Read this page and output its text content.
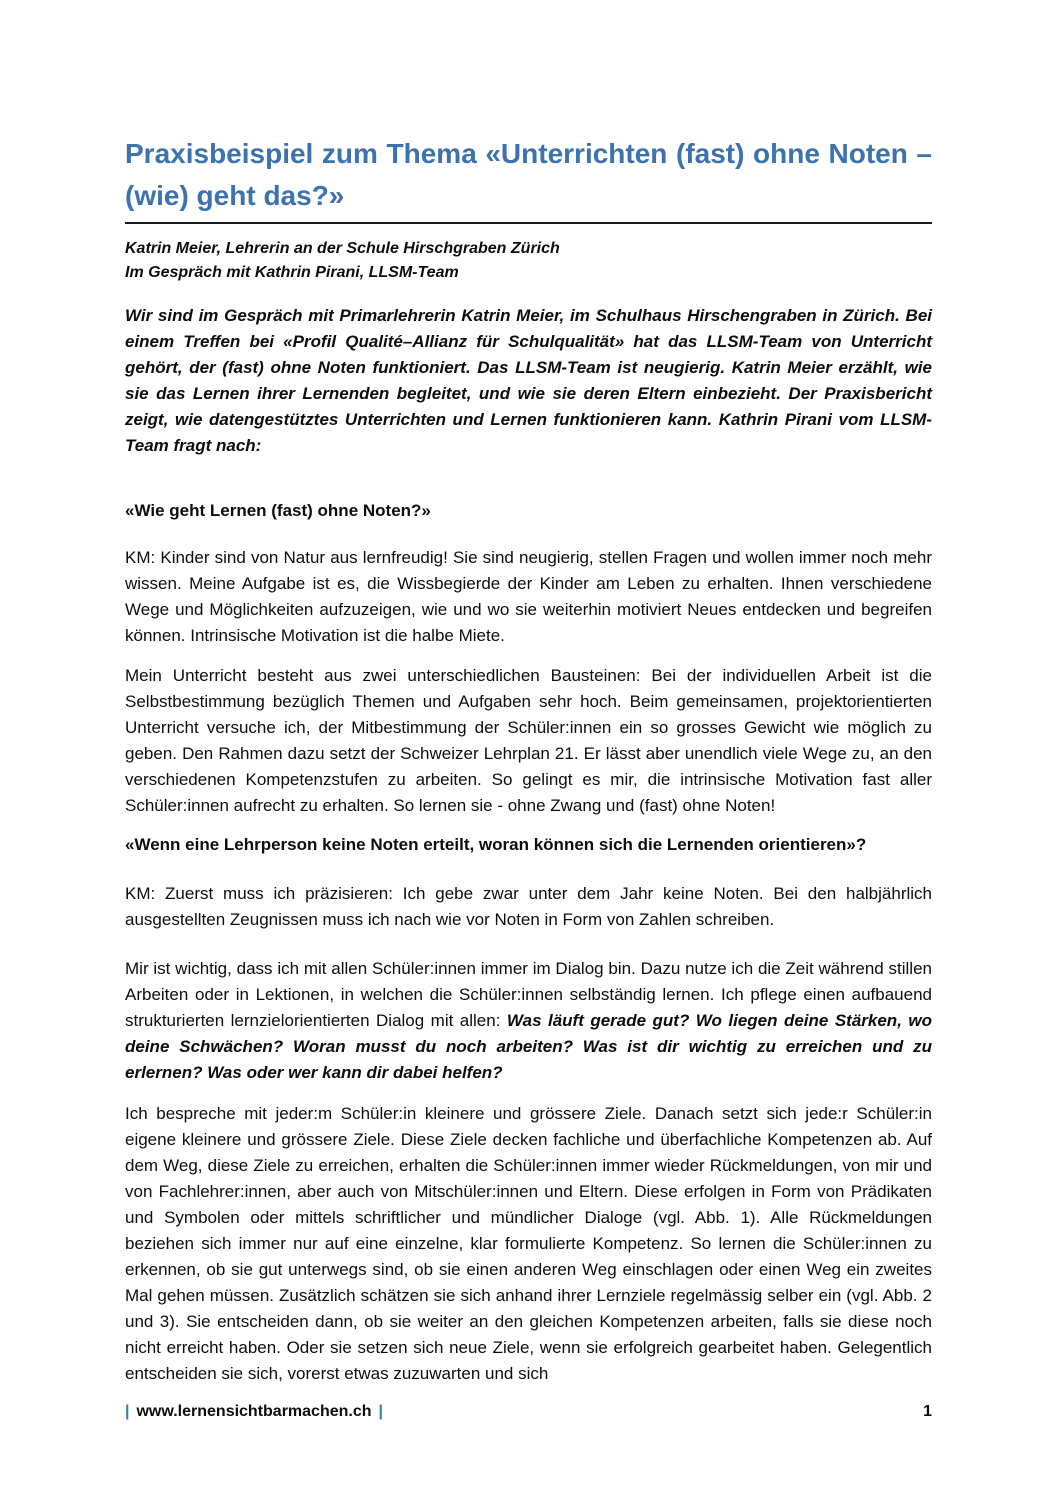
Praxisbeispiel zum Thema «Unterrichten (fast) ohne Noten – (wie) geht das?»
Katrin Meier, Lehrerin an der Schule Hirschgraben Zürich
Im Gespräch mit Kathrin Pirani, LLSM-Team

Wir sind im Gespräch mit Primarlehrerin Katrin Meier, im Schulhaus Hirschengraben in Zürich. Bei einem Treffen bei «Profil Qualité–Allianz für Schulqualität» hat das LLSM-Team von Unterricht gehört, der (fast) ohne Noten funktioniert. Das LLSM-Team ist neugierig. Katrin Meier erzählt, wie sie das Lernen ihrer Lernenden begleitet, und wie sie deren Eltern einbezieht. Der Praxisbericht zeigt, wie datengestütztes Unterrichten und Lernen funktionieren kann. Kathrin Pirani vom LLSM-Team fragt nach:

«Wie geht Lernen (fast) ohne Noten?»

KM: Kinder sind von Natur aus lernfreudig! Sie sind neugierig, stellen Fragen und wollen immer noch mehr wissen. Meine Aufgabe ist es, die Wissbegierde der Kinder am Leben zu erhalten. Ihnen verschiedene Wege und Möglichkeiten aufzuzeigen, wie und wo sie weiterhin motiviert Neues entdecken und begreifen können. Intrinsische Motivation ist die halbe Miete.

Mein Unterricht besteht aus zwei unterschiedlichen Bausteinen: Bei der individuellen Arbeit ist die Selbstbestimmung bezüglich Themen und Aufgaben sehr hoch. Beim gemeinsamen, projektorientierten Unterricht versuche ich, der Mitbestimmung der Schüler:innen ein so grosses Gewicht wie möglich zu geben. Den Rahmen dazu setzt der Schweizer Lehrplan 21. Er lässt aber unendlich viele Wege zu, an den verschiedenen Kompetenzstufen zu arbeiten. So gelingt es mir, die intrinsische Motivation fast aller Schüler:innen aufrecht zu erhalten. So lernen sie - ohne Zwang und (fast) ohne Noten!

«Wenn eine Lehrperson keine Noten erteilt, woran können sich die Lernenden orientieren»?

KM: Zuerst muss ich präzisieren: Ich gebe zwar unter dem Jahr keine Noten. Bei den halbjährlich ausgestellten Zeugnissen muss ich nach wie vor Noten in Form von Zahlen schreiben.

Mir ist wichtig, dass ich mit allen Schüler:innen immer im Dialog bin. Dazu nutze ich die Zeit während stillen Arbeiten oder in Lektionen, in welchen die Schüler:innen selbständig lernen. Ich pflege einen aufbauend strukturierten lernzielorientierten Dialog mit allen: Was läuft gerade gut? Wo liegen deine Stärken, wo deine Schwächen? Woran musst du noch arbeiten? Was ist dir wichtig zu erreichen und zu erlernen? Was oder wer kann dir dabei helfen?

Ich bespreche mit jeder:m Schüler:in kleinere und grössere Ziele. Danach setzt sich jede:r Schüler:in eigene kleinere und grössere Ziele. Diese Ziele decken fachliche und überfachliche Kompetenzen ab. Auf dem Weg, diese Ziele zu erreichen, erhalten die Schüler:innen immer wieder Rückmeldungen, von mir und von Fachlehrer:innen, aber auch von Mitschüler:innen und Eltern. Diese erfolgen in Form von Prädikaten und Symbolen oder mittels schriftlicher und mündlicher Dialoge (vgl. Abb. 1). Alle Rückmeldungen beziehen sich immer nur auf eine einzelne, klar formulierte Kompetenz. So lernen die Schüler:innen zu erkennen, ob sie gut unterwegs sind, ob sie einen anderen Weg einschlagen oder einen Weg ein zweites Mal gehen müssen. Zusätzlich schätzen sie sich anhand ihrer Lernziele regelmässig selber ein (vgl. Abb. 2 und 3). Sie entscheiden dann, ob sie weiter an den gleichen Kompetenzen arbeiten, falls sie diese noch nicht erreicht haben. Oder sie setzen sich neue Ziele, wenn sie erfolgreich gearbeitet haben. Gelegentlich entscheiden sie sich, vorerst etwas zuzuwarten und sich

| www.lernensichtbarmachen.ch |	1
